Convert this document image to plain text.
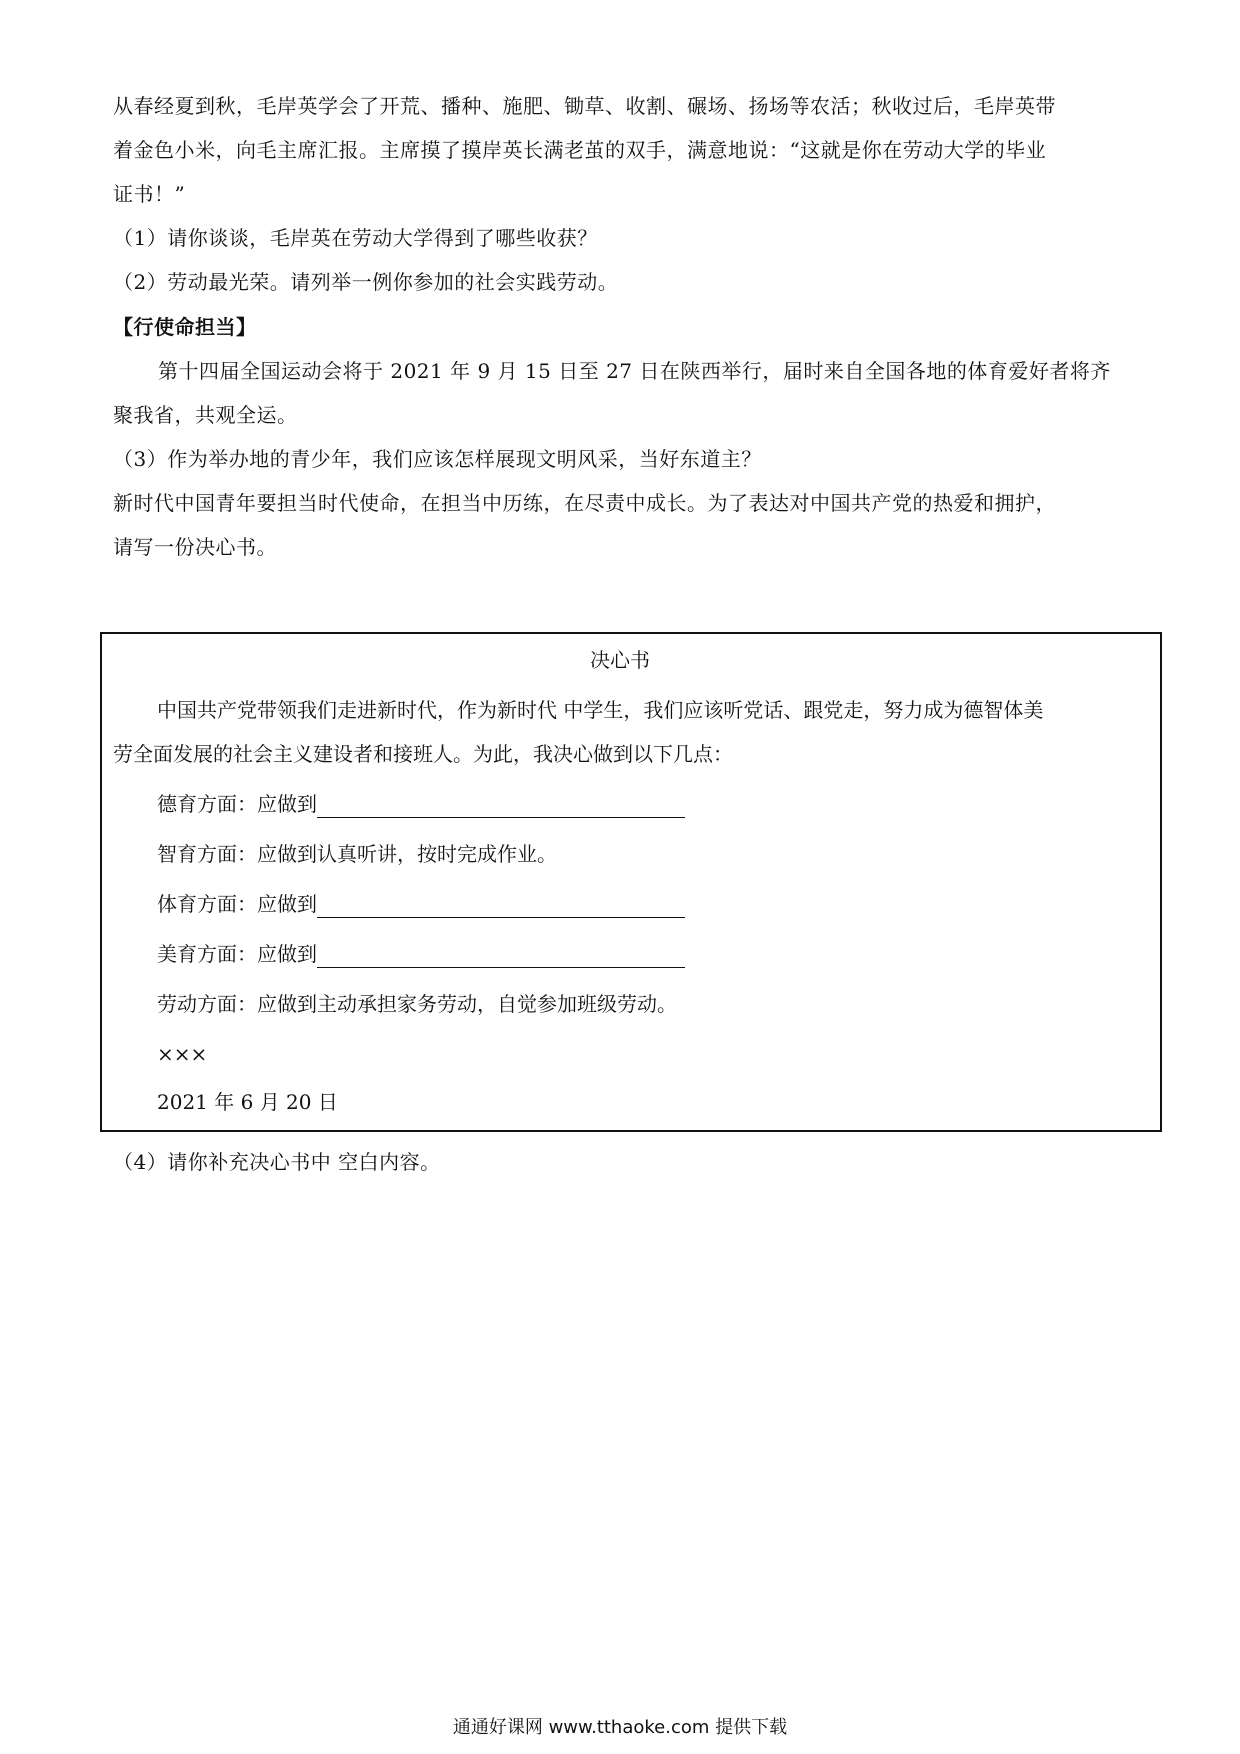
从春经夏到秋，毛岸英学会了开荒、播种、施肥、锄草、收割、碾场、扬场等农活；秋收过后，毛岸英带
着金色小米，向毛主席汇报。主席摸了摸岸英长满老茧的双手，满意地说：“这就是你在劳动大学的毕业
证书！”
（1）请你谈谈，毛岸英在劳动大学得到了哪些收获？
（2）劳动最光荣。请列举一例你参加的社会实践劳动。
【行使命担当】
第十四届全国运动会将于 2021 年 9 月 15 日至 27 日在陕西举行，届时来自全国各地的体育爱好者将齐
聚我省，共观全运。
（3）作为举办地的青少年，我们应该怎样展现文明风采，当好东道主？
新时代中国青年要担当时代使命，在担当中历练，在尽责中成长。为了表达对中国共产党的热爱和拥护，
请写一份决心书。
决心书
中国共产党带领我们走进新时代，作为新时代 中学生，我们应该听党话、跟党走，努力成为德智体美
劳全面发展的社会主义建设者和接班人。为此，我决心做到以下几点：
德育方面：应做到
智育方面：应做到认真听讲，按时完成作业。
体育方面：应做到
美育方面：应做到
劳动方面：应做到主动承担家务劳动，自觉参加班级劳动。
×××
2021 年 6 月 20 日
（4）请你补充决心书中 空白内容。
通通好课网 www.tthaoke.com 提供下载
